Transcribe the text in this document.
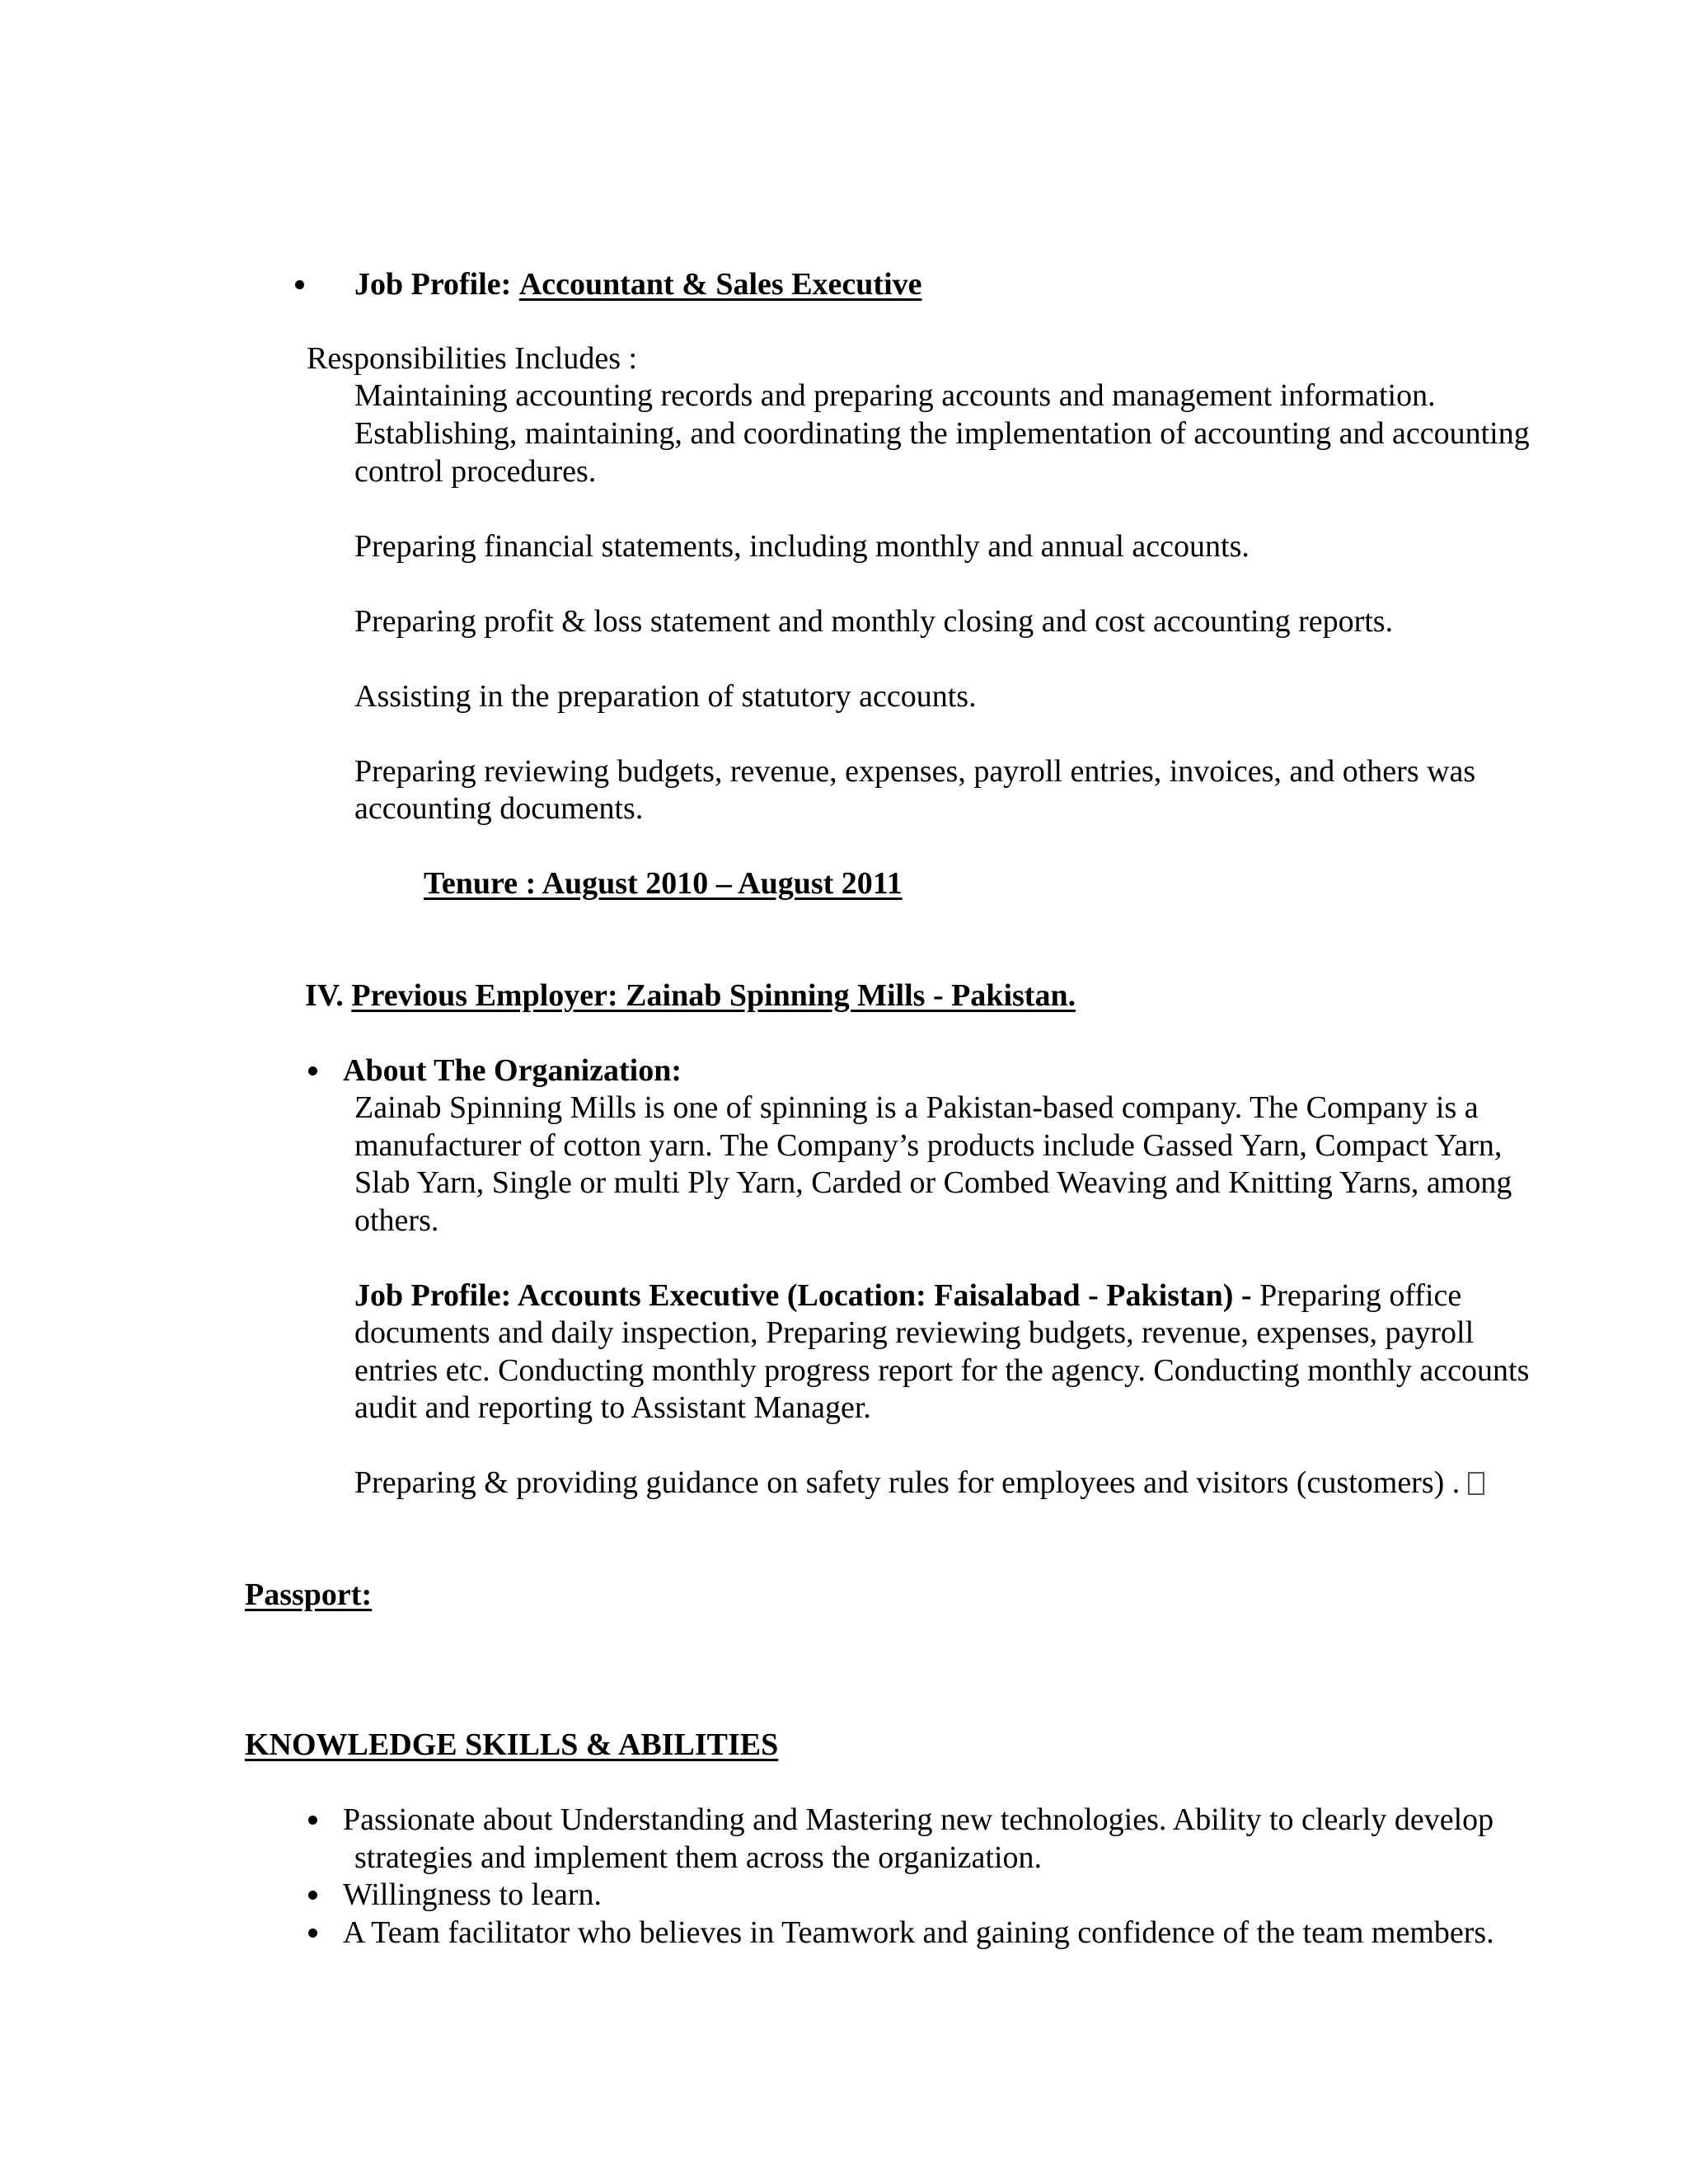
Job Profile: Accountant & Sales Executive
Responsibilities Includes :
Maintaining accounting records and preparing accounts and management information.
Establishing, maintaining, and coordinating the implementation of accounting and accounting
control procedures.
Preparing financial statements, including monthly and annual accounts.
Preparing profit & loss statement and monthly closing and cost accounting reports.
Assisting in the preparation of statutory accounts.
Preparing reviewing budgets, revenue, expenses, payroll entries, invoices, and others was
accounting documents.
Tenure : August 2010 – August 2011
IV. Previous Employer: Zainab Spinning Mills - Pakistan.
About The Organization:
Zainab Spinning Mills is one of spinning is a Pakistan-based company. The Company is a
manufacturer of cotton yarn. The Company’s products include Gassed Yarn, Compact Yarn,
Slab Yarn, Single or multi Ply Yarn, Carded or Combed Weaving and Knitting Yarns, among
others.
Job Profile: Accounts Executive (Location: Faisalabad - Pakistan) - Preparing office
documents and daily inspection, Preparing reviewing budgets, revenue, expenses, payroll
entries etc. Conducting monthly progress report for the agency. Conducting monthly accounts
audit and reporting to Assistant Manager.
Preparing & providing guidance on safety rules for employees and visitors (customers) .
Passport:
KNOWLEDGE SKILLS & ABILITIES
Passionate about Understanding and Mastering new technologies. Ability to clearly develop
strategies and implement them across the organization.
Willingness to learn.
A Team facilitator who believes in Teamwork and gaining confidence of the team members.
